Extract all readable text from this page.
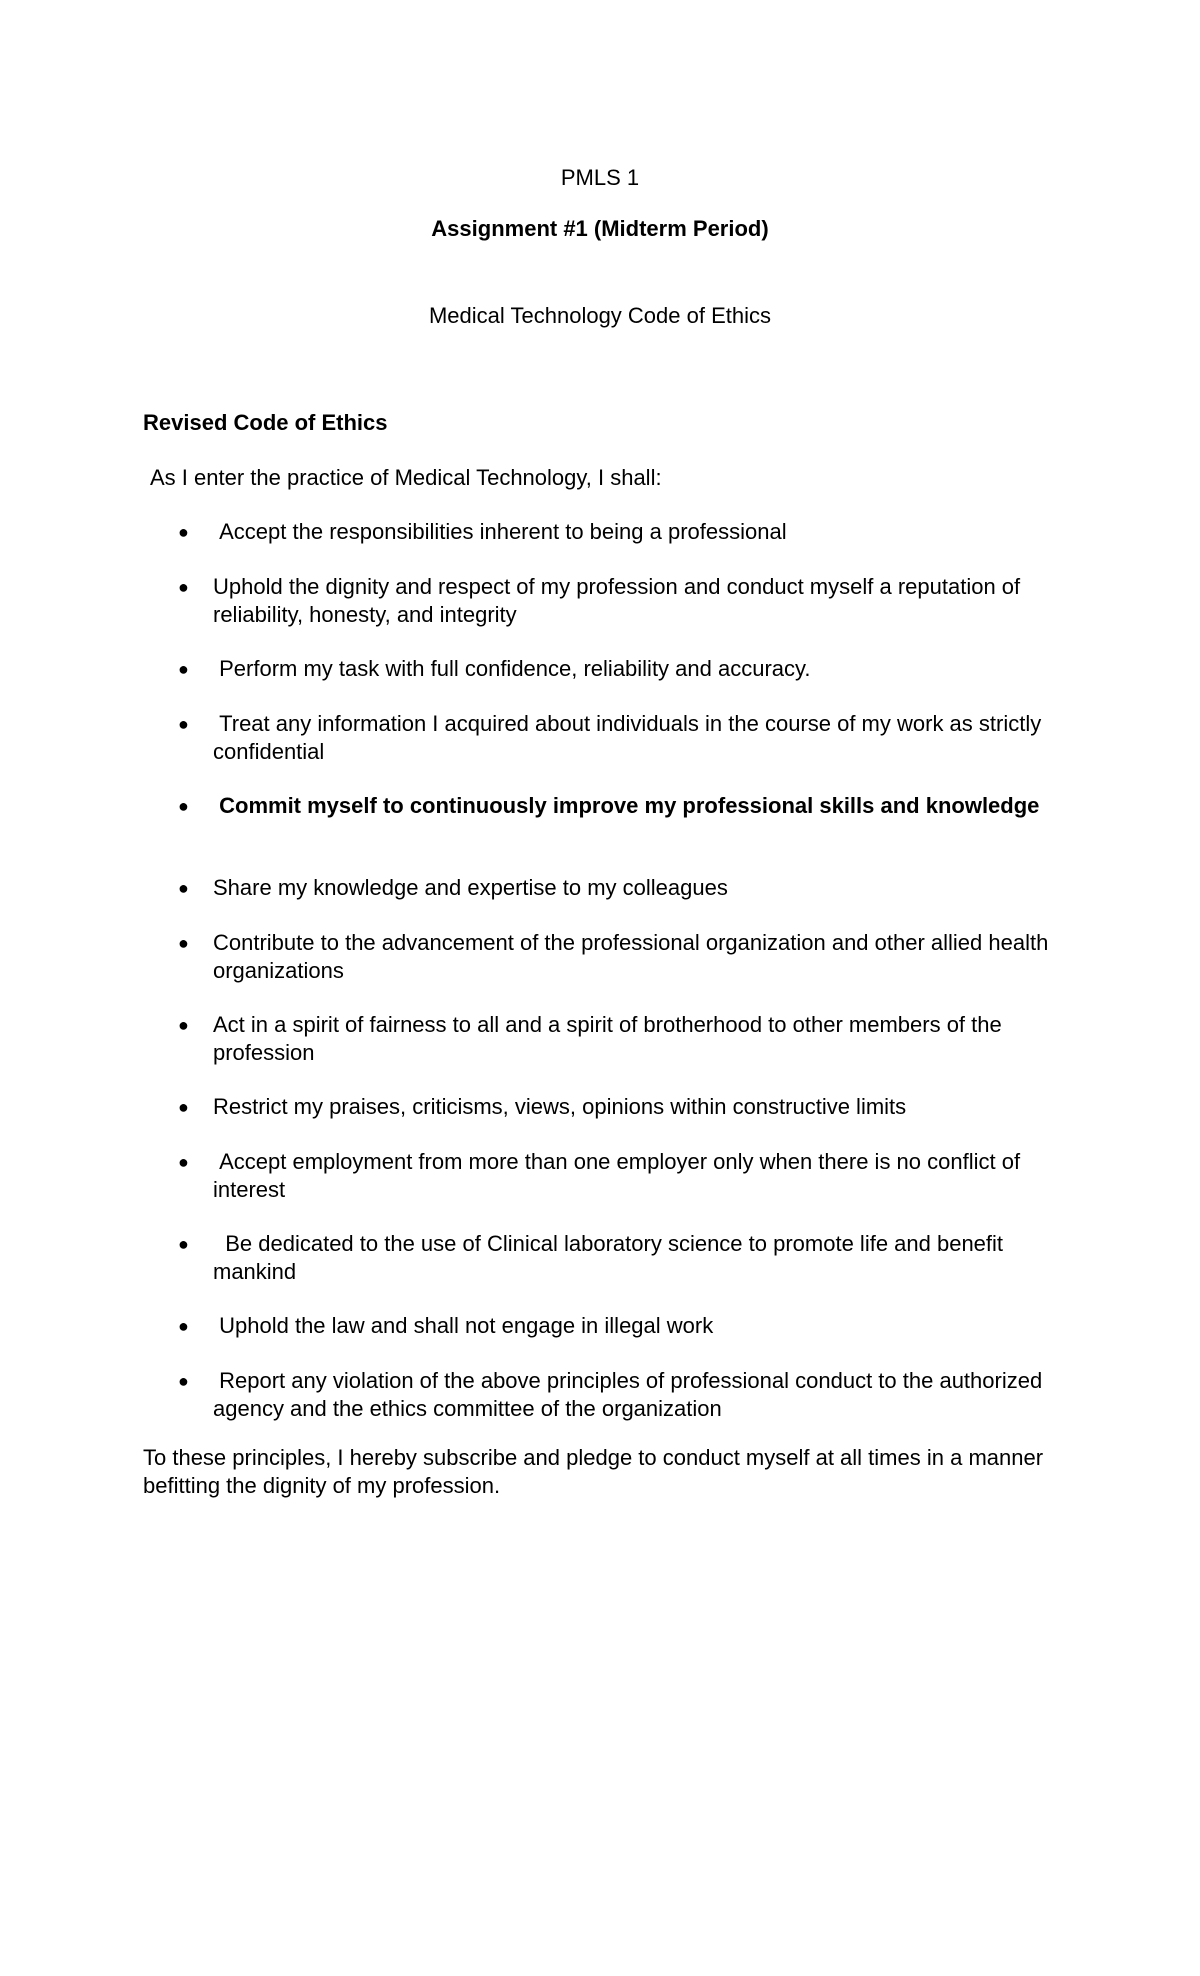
PMLS 1
Assignment #1 (Midterm Period)
Medical Technology Code of Ethics
Revised Code of Ethics
As I enter the practice of Medical Technology, I shall:
● Accept the responsibilities inherent to being a professional
● Uphold the dignity and respect of my profession and conduct myself a reputation of reliability, honesty, and integrity
● Perform my task with full confidence, reliability and accuracy.
● Treat any information I acquired about individuals in the course of my work as strictly confidential
● Commit myself to continuously improve my professional skills and knowledge
● Share my knowledge and expertise to my colleagues
● Contribute to the advancement of the professional organization and other allied health organizations
● Act in a spirit of fairness to all and a spirit of brotherhood to other members of the profession
● Restrict my praises, criticisms, views, opinions within constructive limits
● Accept employment from more than one employer only when there is no conflict of interest
● Be dedicated to the use of Clinical laboratory science to promote life and benefit mankind
● Uphold the law and shall not engage in illegal work
● Report any violation of the above principles of professional conduct to the authorized agency and the ethics committee of the organization
To these principles, I hereby subscribe and pledge to conduct myself at all times in a manner befitting the dignity of my profession.
